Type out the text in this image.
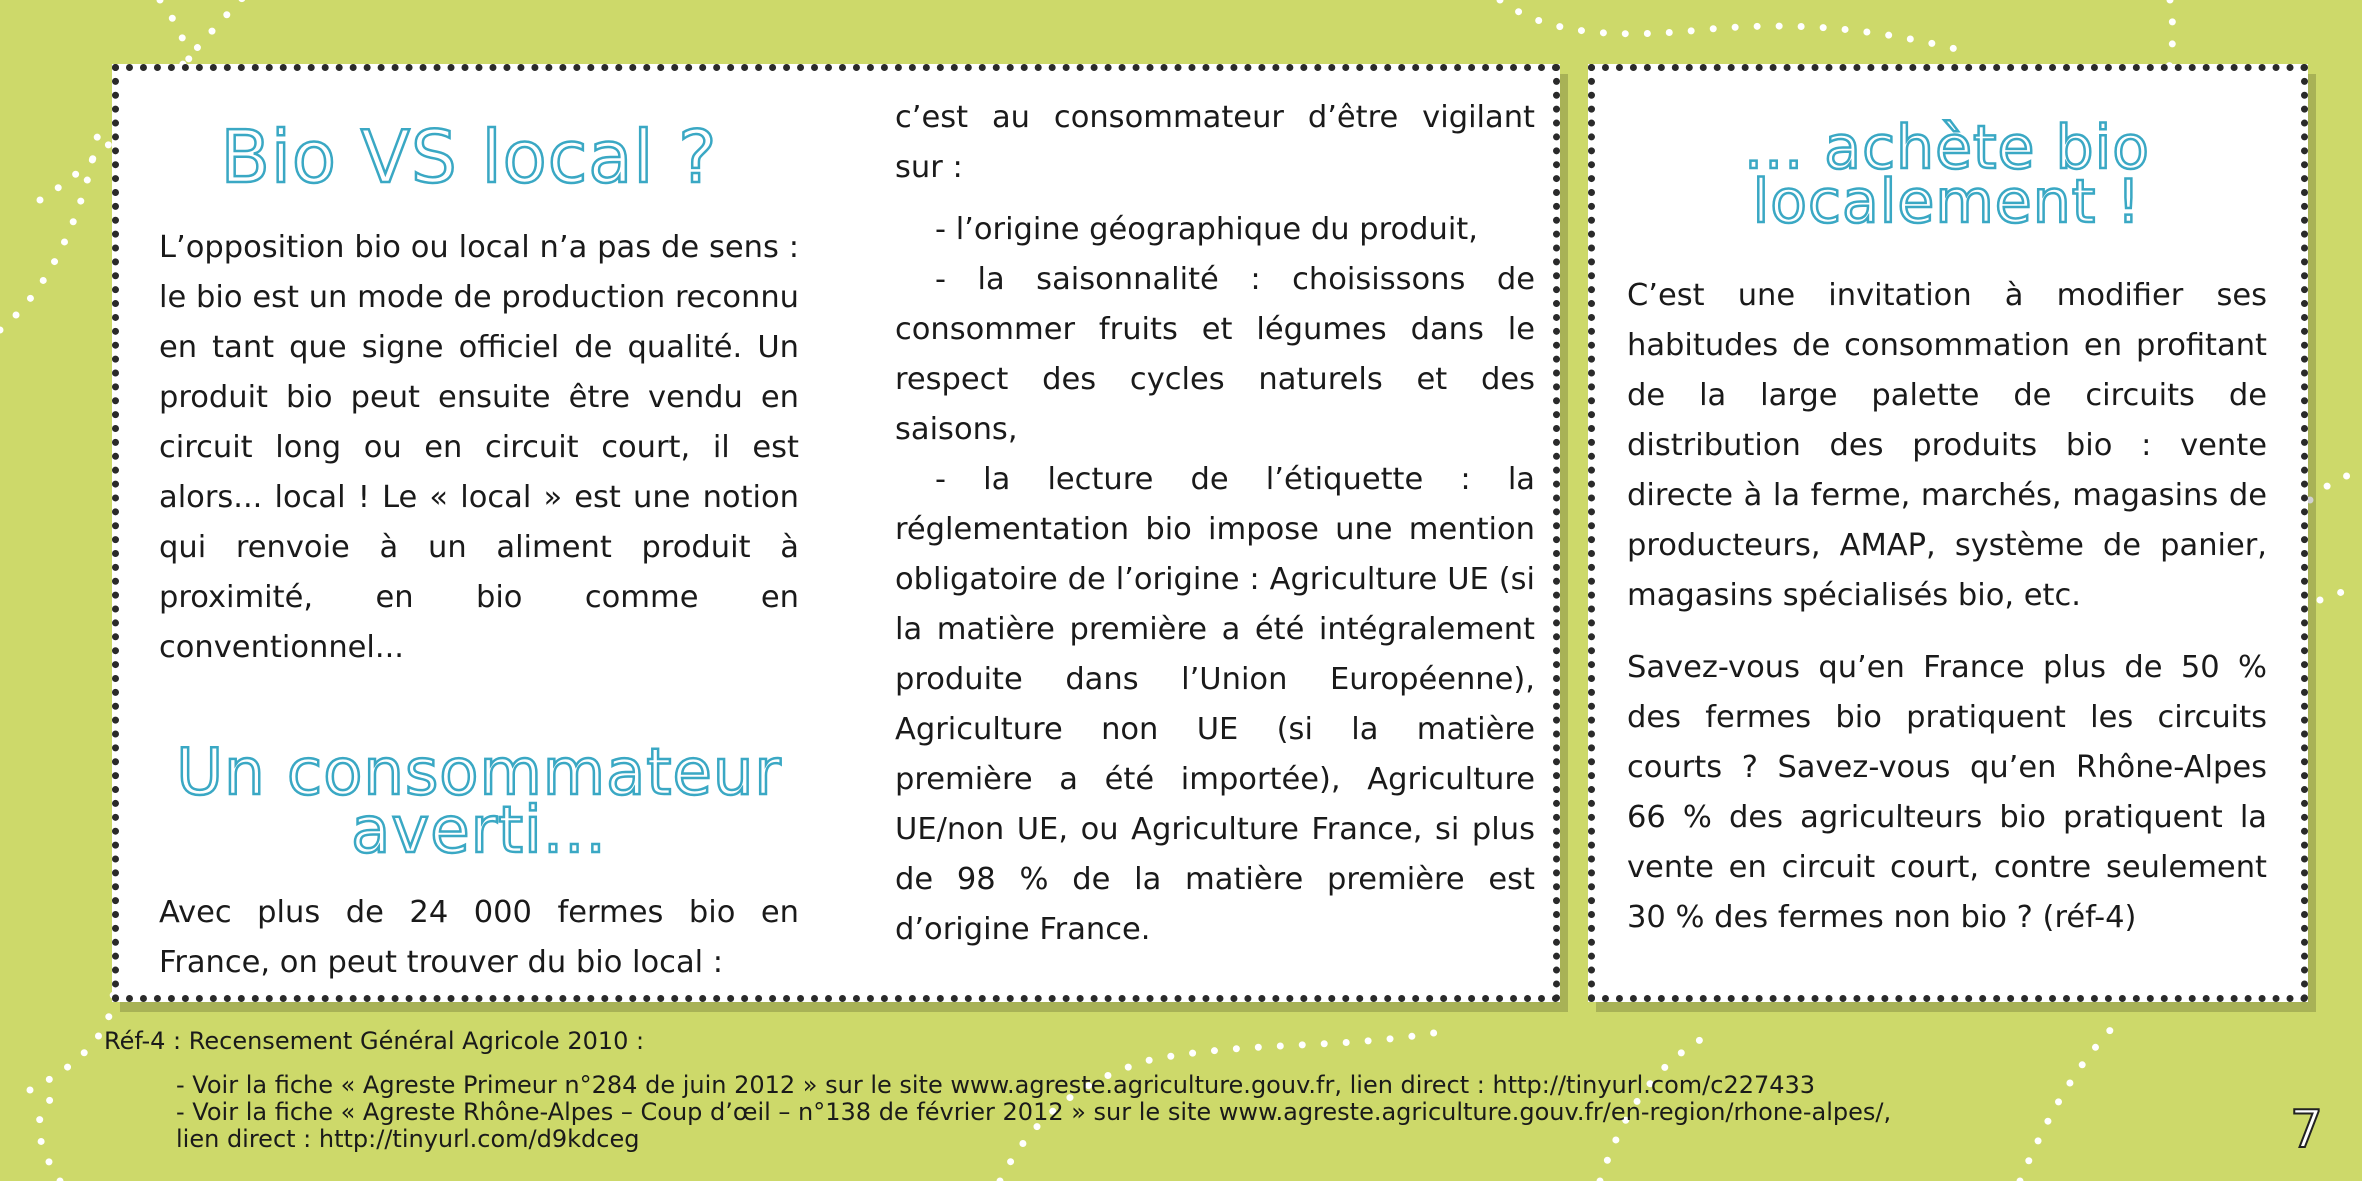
Bio VS local ?

L’opposition bio ou local n’a pas de sens : le bio est un mode de production reconnu en tant que signe officiel de qualité. Un produit bio peut ensuite être vendu en circuit long ou en circuit court, il est alors... local ! Le « local » est une notion qui renvoie à un aliment produit à proximité, en bio comme en conventionnel...

Un consommateur
averti...

Avec plus de 24 000 fermes bio en France, on peut trouver du bio local :

c’est au consommateur d’être vigilant sur :

- l’origine géographique du produit,

- la saisonnalité : choisissons de consommer fruits et légumes dans le respect des cycles naturels et des saisons,

- la lecture de l’étiquette : la réglementation bio impose une mention obligatoire de l’origine : Agriculture UE (si la matière première a été intégralement produite dans l’Union Européenne), Agriculture non UE (si la matière première a été importée), Agriculture UE/non UE, ou Agriculture France, si plus de 98 % de la matière première est d’origine France.

... achète bio
localement !

C’est une invitation à modifier ses habitudes de consommation en profitant de la large palette de circuits de distribution des produits bio : vente directe à la ferme, marchés, magasins de producteurs, AMAP, système de panier, magasins spécialisés bio, etc.

Savez-vous qu’en France plus de 50 % des fermes bio pratiquent les circuits courts ? Savez-vous qu’en Rhône-Alpes 66 % des agriculteurs bio pratiquent la vente en circuit court, contre seulement 30 % des fermes non bio ? (réf-4)

Réf-4 : Recensement Général Agricole 2010 :
- Voir la fiche « Agreste Primeur n°284 de juin 2012 » sur le site www.agreste.agriculture.gouv.fr, lien direct : http://tinyurl.com/c227433
- Voir la fiche « Agreste Rhône-Alpes – Coup d’œil – n°138 de février 2012 » sur le site www.agreste.agriculture.gouv.fr/en-region/rhone-alpes/,
lien direct : http://tinyurl.com/d9kdceg	7
